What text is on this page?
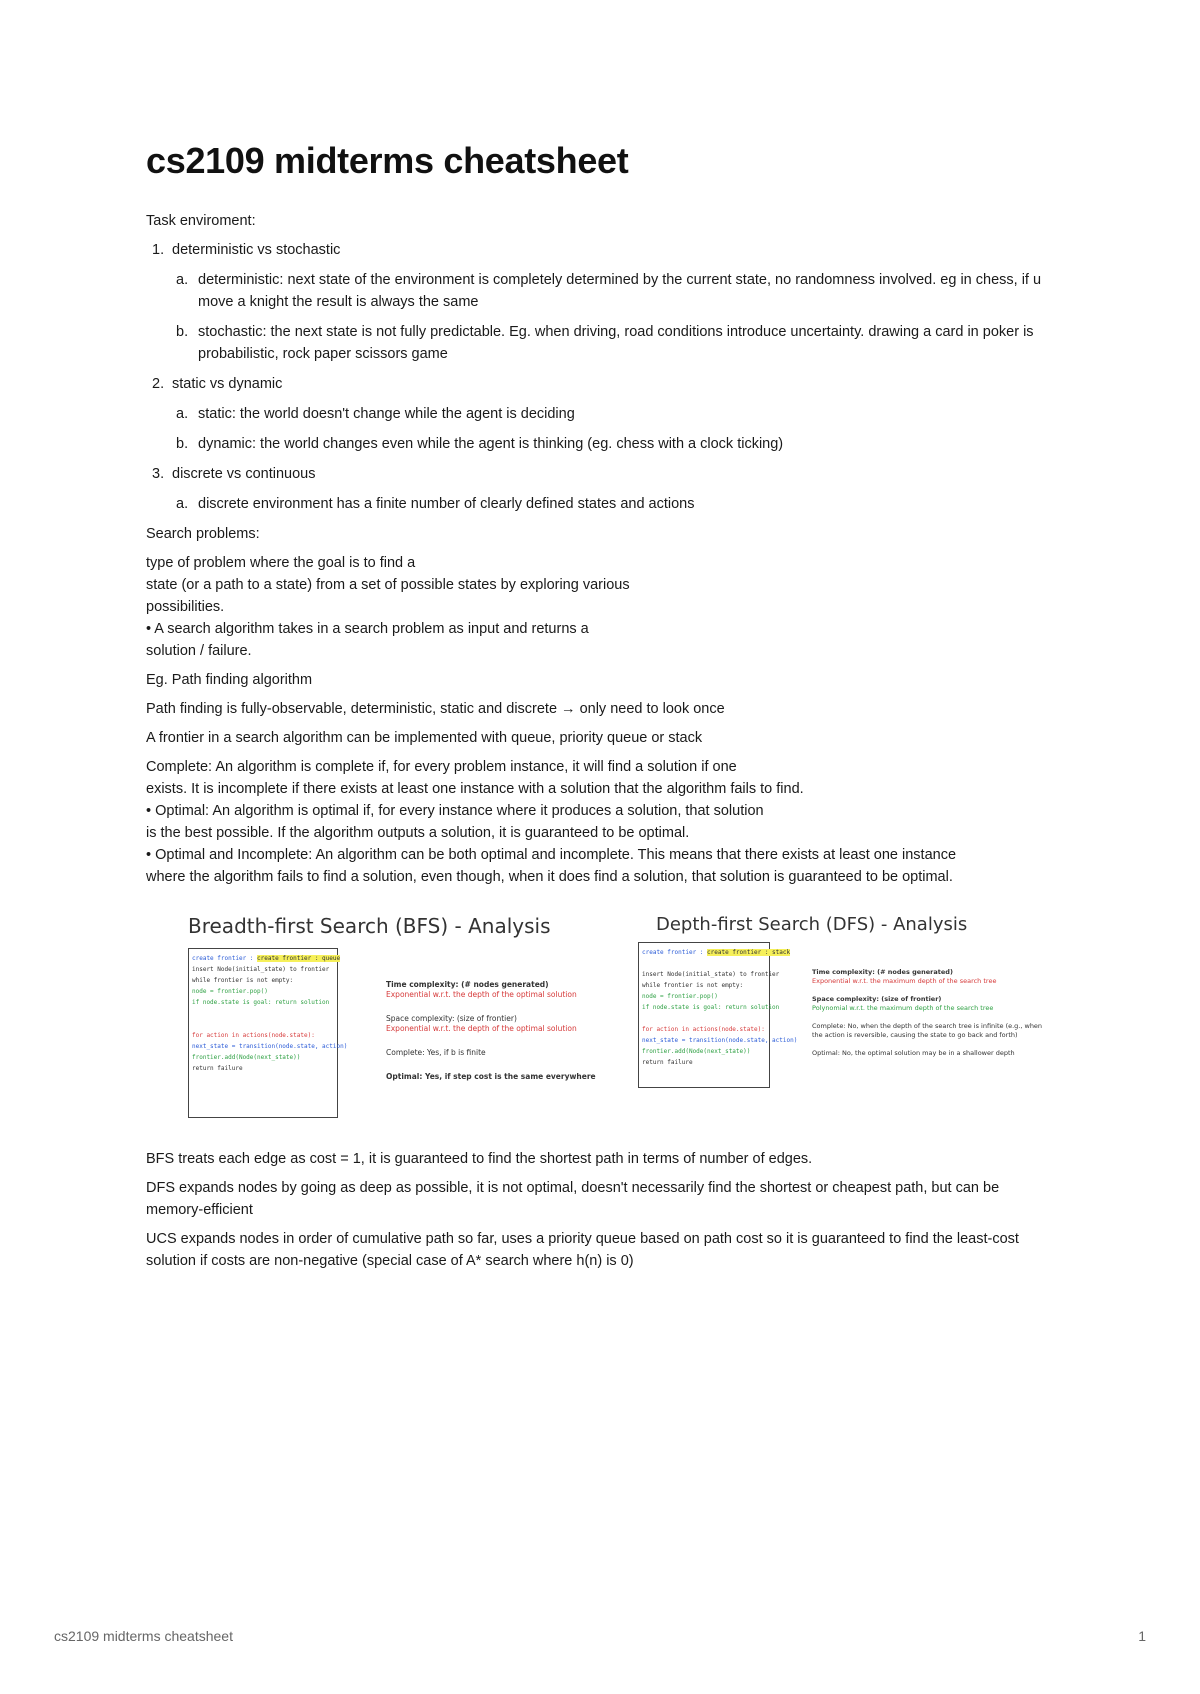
cs2109 midterms cheatsheet
Task enviroment:
1. deterministic vs stochastic
a. deterministic: next state of the environment is completely determined by the current state, no randomness involved. eg in chess, if u move a knight the result is always the same
b. stochastic: the next state is not fully predictable. Eg. when driving, road conditions introduce uncertainty. drawing a card in poker is probabilistic, rock paper scissors game
2. static vs dynamic
a. static: the world doesn't change while the agent is deciding
b. dynamic: the world changes even while the agent is thinking (eg. chess with a clock ticking)
3. discrete vs continuous
a. discrete environment has a finite number of clearly defined states and actions
Search problems:
type of problem where the goal is to find a
state (or a path to a state) from a set of possible states by exploring various
possibilities.
• A search algorithm takes in a search problem as input and returns a
solution / failure.
Eg. Path finding algorithm
Path finding is fully-observable, deterministic, static and discrete → only need to look once
A frontier in a search algorithm can be implemented with queue, priority queue or stack
Complete: An algorithm is complete if, for every problem instance, it will find a solution if one
exists. It is incomplete if there exists at least one instance with a solution that the algorithm fails to find.
• Optimal: An algorithm is optimal if, for every instance where it produces a solution, that solution
is the best possible. If the algorithm outputs a solution, it is guaranteed to be optimal.
• Optimal and Incomplete: An algorithm can be both optimal and incomplete. This means that there exists at least one instance
where the algorithm fails to find a solution, even though, when it does find a solution, that solution is guaranteed to be optimal.
Breadth-first Search (BFS) - Analysis
create frontier : create frontier : queue
insert Node(initial_state) to frontier
while frontier is not empty:
node = frontier.pop()
if node.state is goal: return solution

for action in actions(node.state):
next_state = transition(node.state, action)
frontier.add(Node(next_state))
return failure
Time complexity: (# nodes generated)
Exponential w.r.t. the depth of the optimal solution
Space complexity: (size of frontier)
Exponential w.r.t. the depth of the optimal solution
Complete: Yes, if b is finite
Optimal: Yes, if step cost is the same everywhere
Depth-first Search (DFS) - Analysis
create frontier : create frontier : stack

insert Node(initial_state) to frontier
while frontier is not empty:
node = frontier.pop()
if node.state is goal: return solution

for action in actions(node.state):
next_state = transition(node.state, action)
frontier.add(Node(next_state))
return failure
Time complexity: (# nodes generated)
Exponential w.r.t. the maximum depth of the search tree
Space complexity: (size of frontier)
Polynomial w.r.t. the maximum depth of the search tree
Complete: No, when the depth of the search tree is infinite (e.g., when the action is reversible, causing the state to go back and forth)
Optimal: No, the optimal solution may be in a shallower depth
BFS treats each edge as cost = 1, it is guaranteed to find the shortest path in terms of number of edges.
DFS expands nodes by going as deep as possible, it is not optimal, doesn't necessarily find the shortest or cheapest path, but can be memory-efficient
UCS expands nodes in order of cumulative path so far, uses a priority queue based on path cost so it is guaranteed to find the least-cost solution if costs are non-negative (special case of A* search where h(n) is 0)
cs2109 midterms cheatsheet	1
